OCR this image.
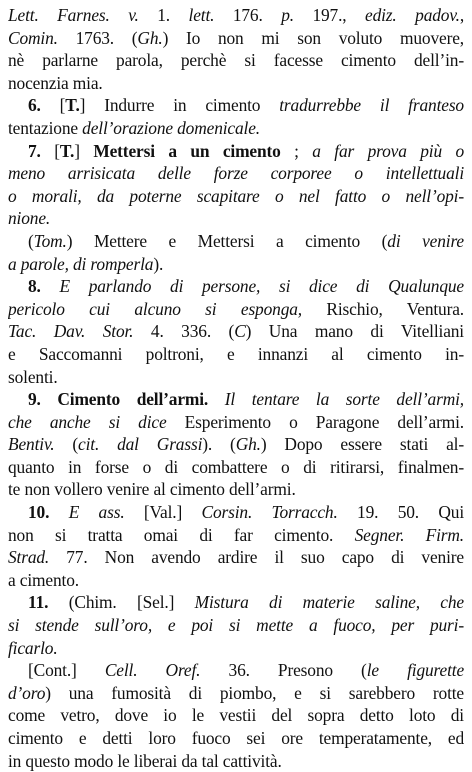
Lett. Farnes. v. 1. lett. 176. p. 197., ediz. padov.,
Comin. 1763. (Gh.) Io non mi son voluto muovere,
nè parlarne parola, perchè si facesse cimento dell’in-
nocenzia mia.
6. [T.] Indurre in cimento tradurrebbe il franteso
tentazione dell’orazione domenicale.
7. [T.] Mettersi a un cimento ; a far prova più o
meno arrisicata delle forze corporee o intellettuali
o morali, da poterne scapitare o nel fatto o nell’opi-
nione.
(Tom.) Mettere e Mettersi a cimento (di venire
a parole, di romperla).
8. E parlando di persone, si dice di Qualunque
pericolo cui alcuno si esponga, Rischio, Ventura.
Tac. Dav. Stor. 4. 336. (C) Una mano di Vitelliani
e Saccomanni poltroni, e innanzi al cimento in-
solenti.
9. Cimento dell’armi. Il tentare la sorte dell’armi,
che anche si dice Esperimento o Paragone dell’armi.
Bentiv. (cit. dal Grassi). (Gh.) Dopo essere stati al-
quanto in forse o di combattere o di ritirarsi, finalmen-
te non vollero venire al cimento dell’armi.
10. E ass. [Val.] Corsin. Torracch. 19. 50. Qui
non si tratta omai di far cimento. Segner. Firm.
Strad. 77. Non avendo ardire il suo capo di venire
a cimento.
11. (Chim. [Sel.] Mistura di materie saline, che
si stende sull’oro, e poi si mette a fuoco, per puri-
ficarlo.
[Cont.] Cell. Oref. 36. Presono (le figurette
d’oro) una fumosità di piombo, e si sarebbero rotte
come vetro, dove io le vestii del sopra detto loto di
cimento e detti loro fuoco sei ore temperatamente, ed
in questo modo le liberai da tal cattività.
